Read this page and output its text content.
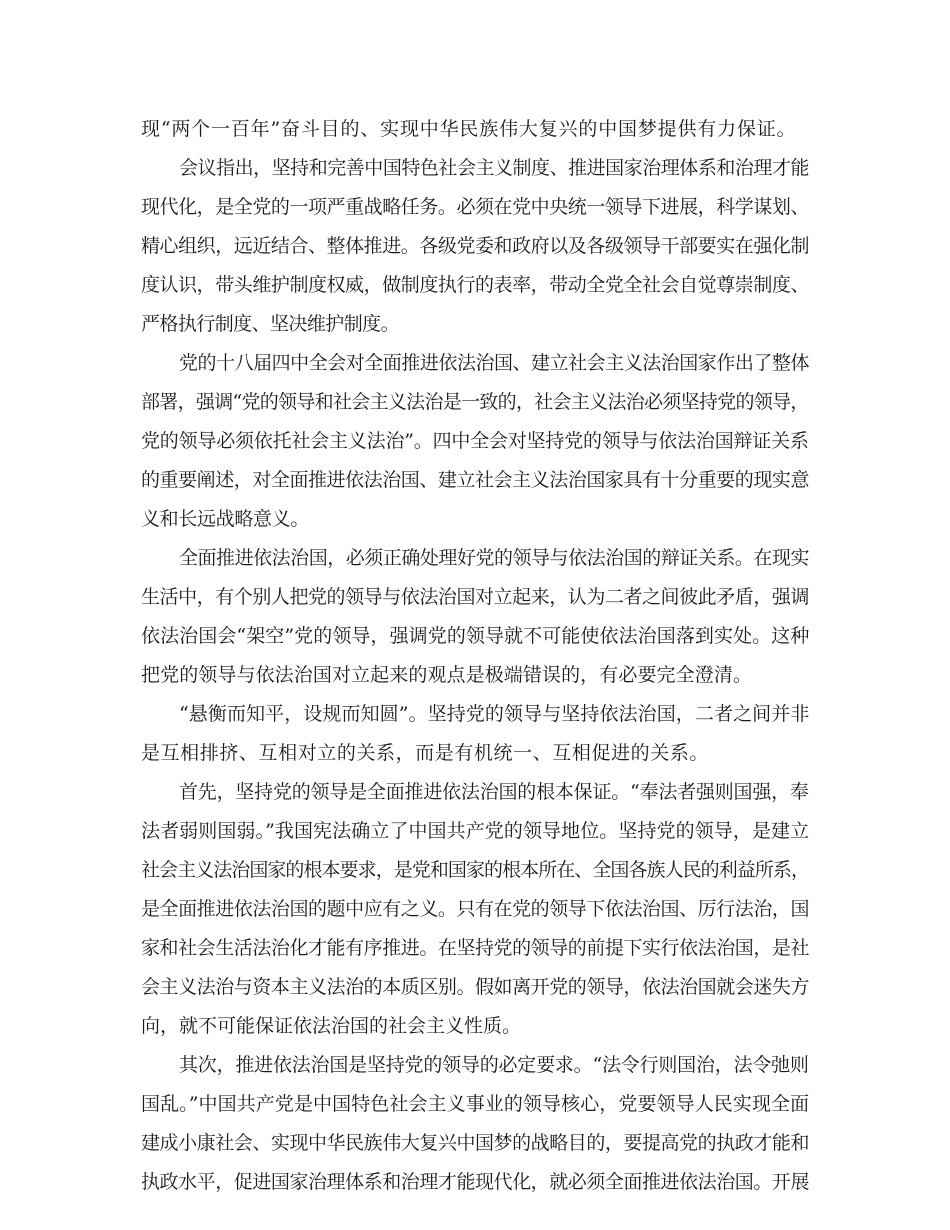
现“两个一百年”奋斗目的、实现中华民族伟大复兴的中国梦提供有力保证。
会议指出，坚持和完善中国特色社会主义制度、推进国家治理体系和治理才能
现代化，是全党的一项严重战略任务。必须在党中央统一领导下进展，科学谋划、
精心组织，远近结合、整体推进。各级党委和政府以及各级领导干部要实在强化制
度认识，带头维护制度权威，做制度执行的表率，带动全党全社会自觉尊崇制度、
严格执行制度、坚决维护制度。
党的十八届四中全会对全面推进依法治国、建立社会主义法治国家作出了整体
部署，强调“党的领导和社会主义法治是一致的，社会主义法治必须坚持党的领导，
党的领导必须依托社会主义法治”。四中全会对坚持党的领导与依法治国辩证关系
的重要阐述，对全面推进依法治国、建立社会主义法治国家具有十分重要的现实意
义和长远战略意义。
全面推进依法治国，必须正确处理好党的领导与依法治国的辩证关系。在现实
生活中，有个别人把党的领导与依法治国对立起来，认为二者之间彼此矛盾，强调
依法治国会“架空”党的领导，强调党的领导就不可能使依法治国落到实处。这种
把党的领导与依法治国对立起来的观点是极端错误的，有必要完全澄清。
“悬衡而知平，设规而知圆”。坚持党的领导与坚持依法治国，二者之间并非
是互相排挤、互相对立的关系，而是有机统一、互相促进的关系。
首先，坚持党的领导是全面推进依法治国的根本保证。“奉法者强则国强，奉
法者弱则国弱。”我国宪法确立了中国共产党的领导地位。坚持党的领导，是建立
社会主义法治国家的根本要求，是党和国家的根本所在、全国各族人民的利益所系，
是全面推进依法治国的题中应有之义。只有在党的领导下依法治国、厉行法治，国
家和社会生活法治化才能有序推进。在坚持党的领导的前提下实行依法治国，是社
会主义法治与资本主义法治的本质区别。假如离开党的领导，依法治国就会迷失方
向，就不可能保证依法治国的社会主义性质。
其次，推进依法治国是坚持党的领导的必定要求。“法令行则国治，法令弛则
国乱。”中国共产党是中国特色社会主义事业的领导核心，党要领导人民实现全面
建成小康社会、实现中华民族伟大复兴中国梦的战略目的，要提高党的执政才能和
执政水平，促进国家治理体系和治理才能现代化，就必须全面推进依法治国。开展
